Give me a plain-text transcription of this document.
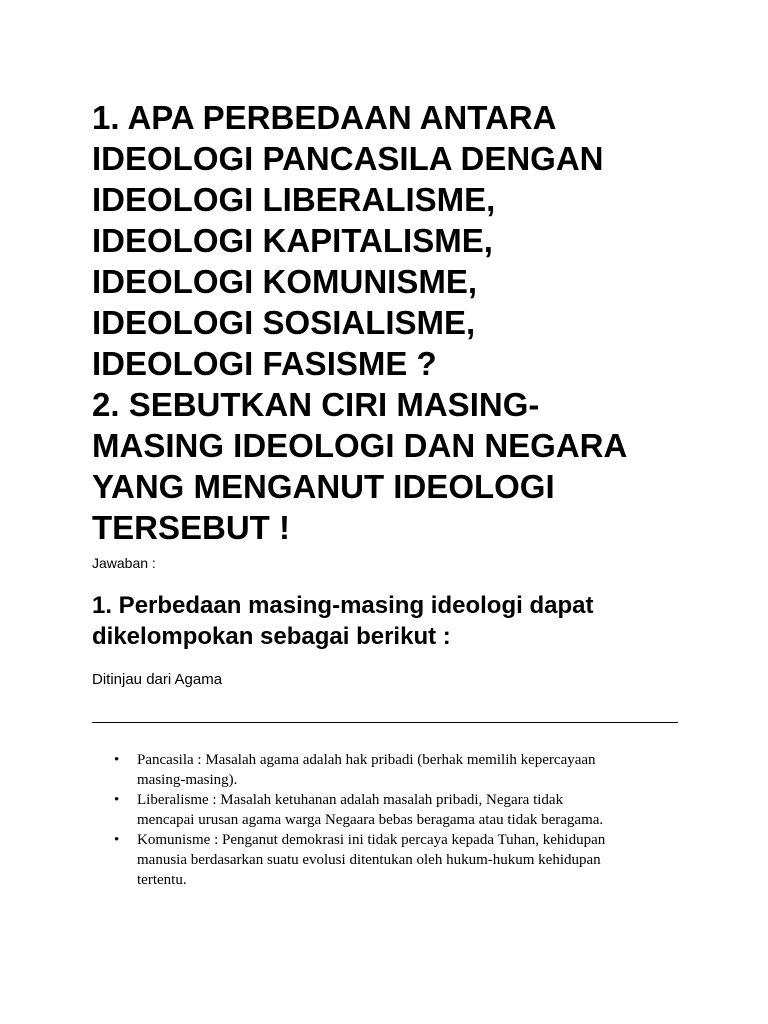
1. APA PERBEDAAN ANTARA
IDEOLOGI PANCASILA DENGAN
IDEOLOGI LIBERALISME,
IDEOLOGI KAPITALISME,
IDEOLOGI KOMUNISME,
IDEOLOGI SOSIALISME,
IDEOLOGI FASISME ?
2. SEBUTKAN CIRI MASING-
MASING IDEOLOGI DAN NEGARA
YANG MENGANUT IDEOLOGI
TERSEBUT !

Jawaban :

1. Perbedaan masing-masing ideologi dapat
dikelompokan sebagai berikut :

Ditinjau dari Agama

• Pancasila : Masalah agama adalah hak pribadi (berhak memilih kepercayaan
masing-masing).
• Liberalisme : Masalah ketuhanan adalah masalah pribadi, Negara tidak
mencapai urusan agama warga Negaara bebas beragama atau tidak beragama.
• Komunisme : Penganut demokrasi ini tidak percaya kepada Tuhan, kehidupan
manusia berdasarkan suatu evolusi ditentukan oleh hukum-hukum kehidupan
tertentu.
